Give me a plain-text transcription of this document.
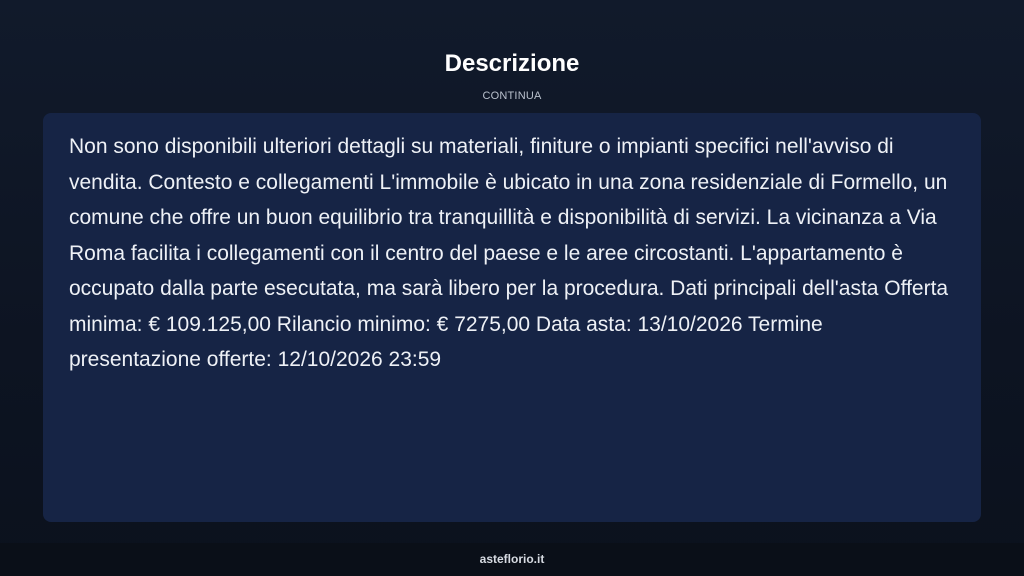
Descrizione
CONTINUA

Non sono disponibili ulteriori dettagli su materiali, finiture o impianti specifici nell'avviso di vendita. Contesto e collegamenti L'immobile è ubicato in una zona residenziale di Formello, un comune che offre un buon equilibrio tra tranquillità e disponibilità di servizi. La vicinanza a Via Roma facilita i collegamenti con il centro del paese e le aree circostanti. L'appartamento è occupato dalla parte esecutata, ma sarà libero per la procedura. Dati principali dell'asta Offerta minima: € 109.125,00 Rilancio minimo: € 7275,00 Data asta: 13/10/2026 Termine presentazione offerte: 12/10/2026 23:59

asteflorio.it
